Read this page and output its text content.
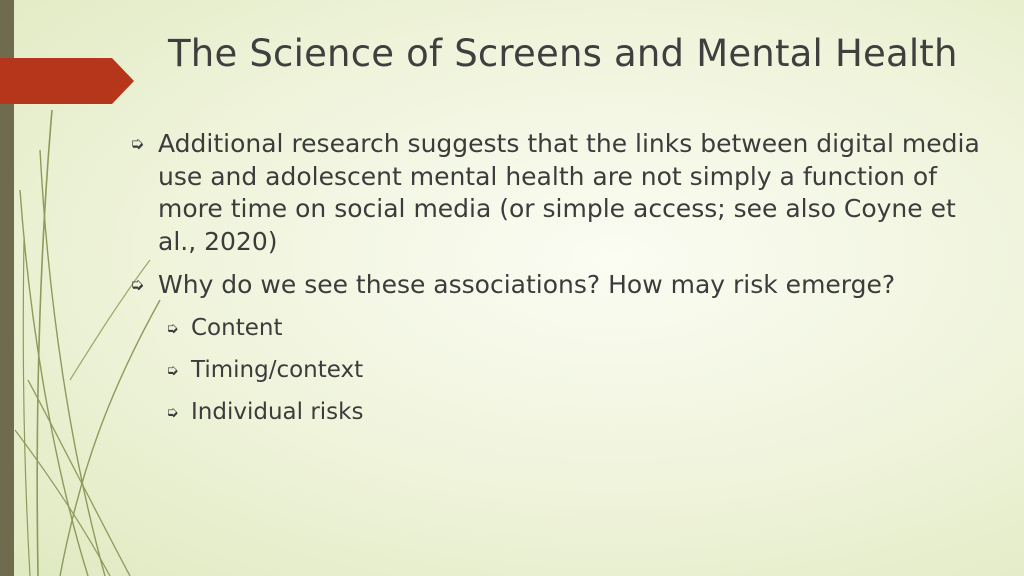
The Science of Screens and Mental Health
➭ Additional research suggests that the links between digital media use and adolescent mental health are not simply a function of more time on social media (or simple access; see also Coyne et al., 2020)
➭ Why do we see these associations? How may risk emerge?
➭ Content
➭ Timing/context
➭ Individual risks
